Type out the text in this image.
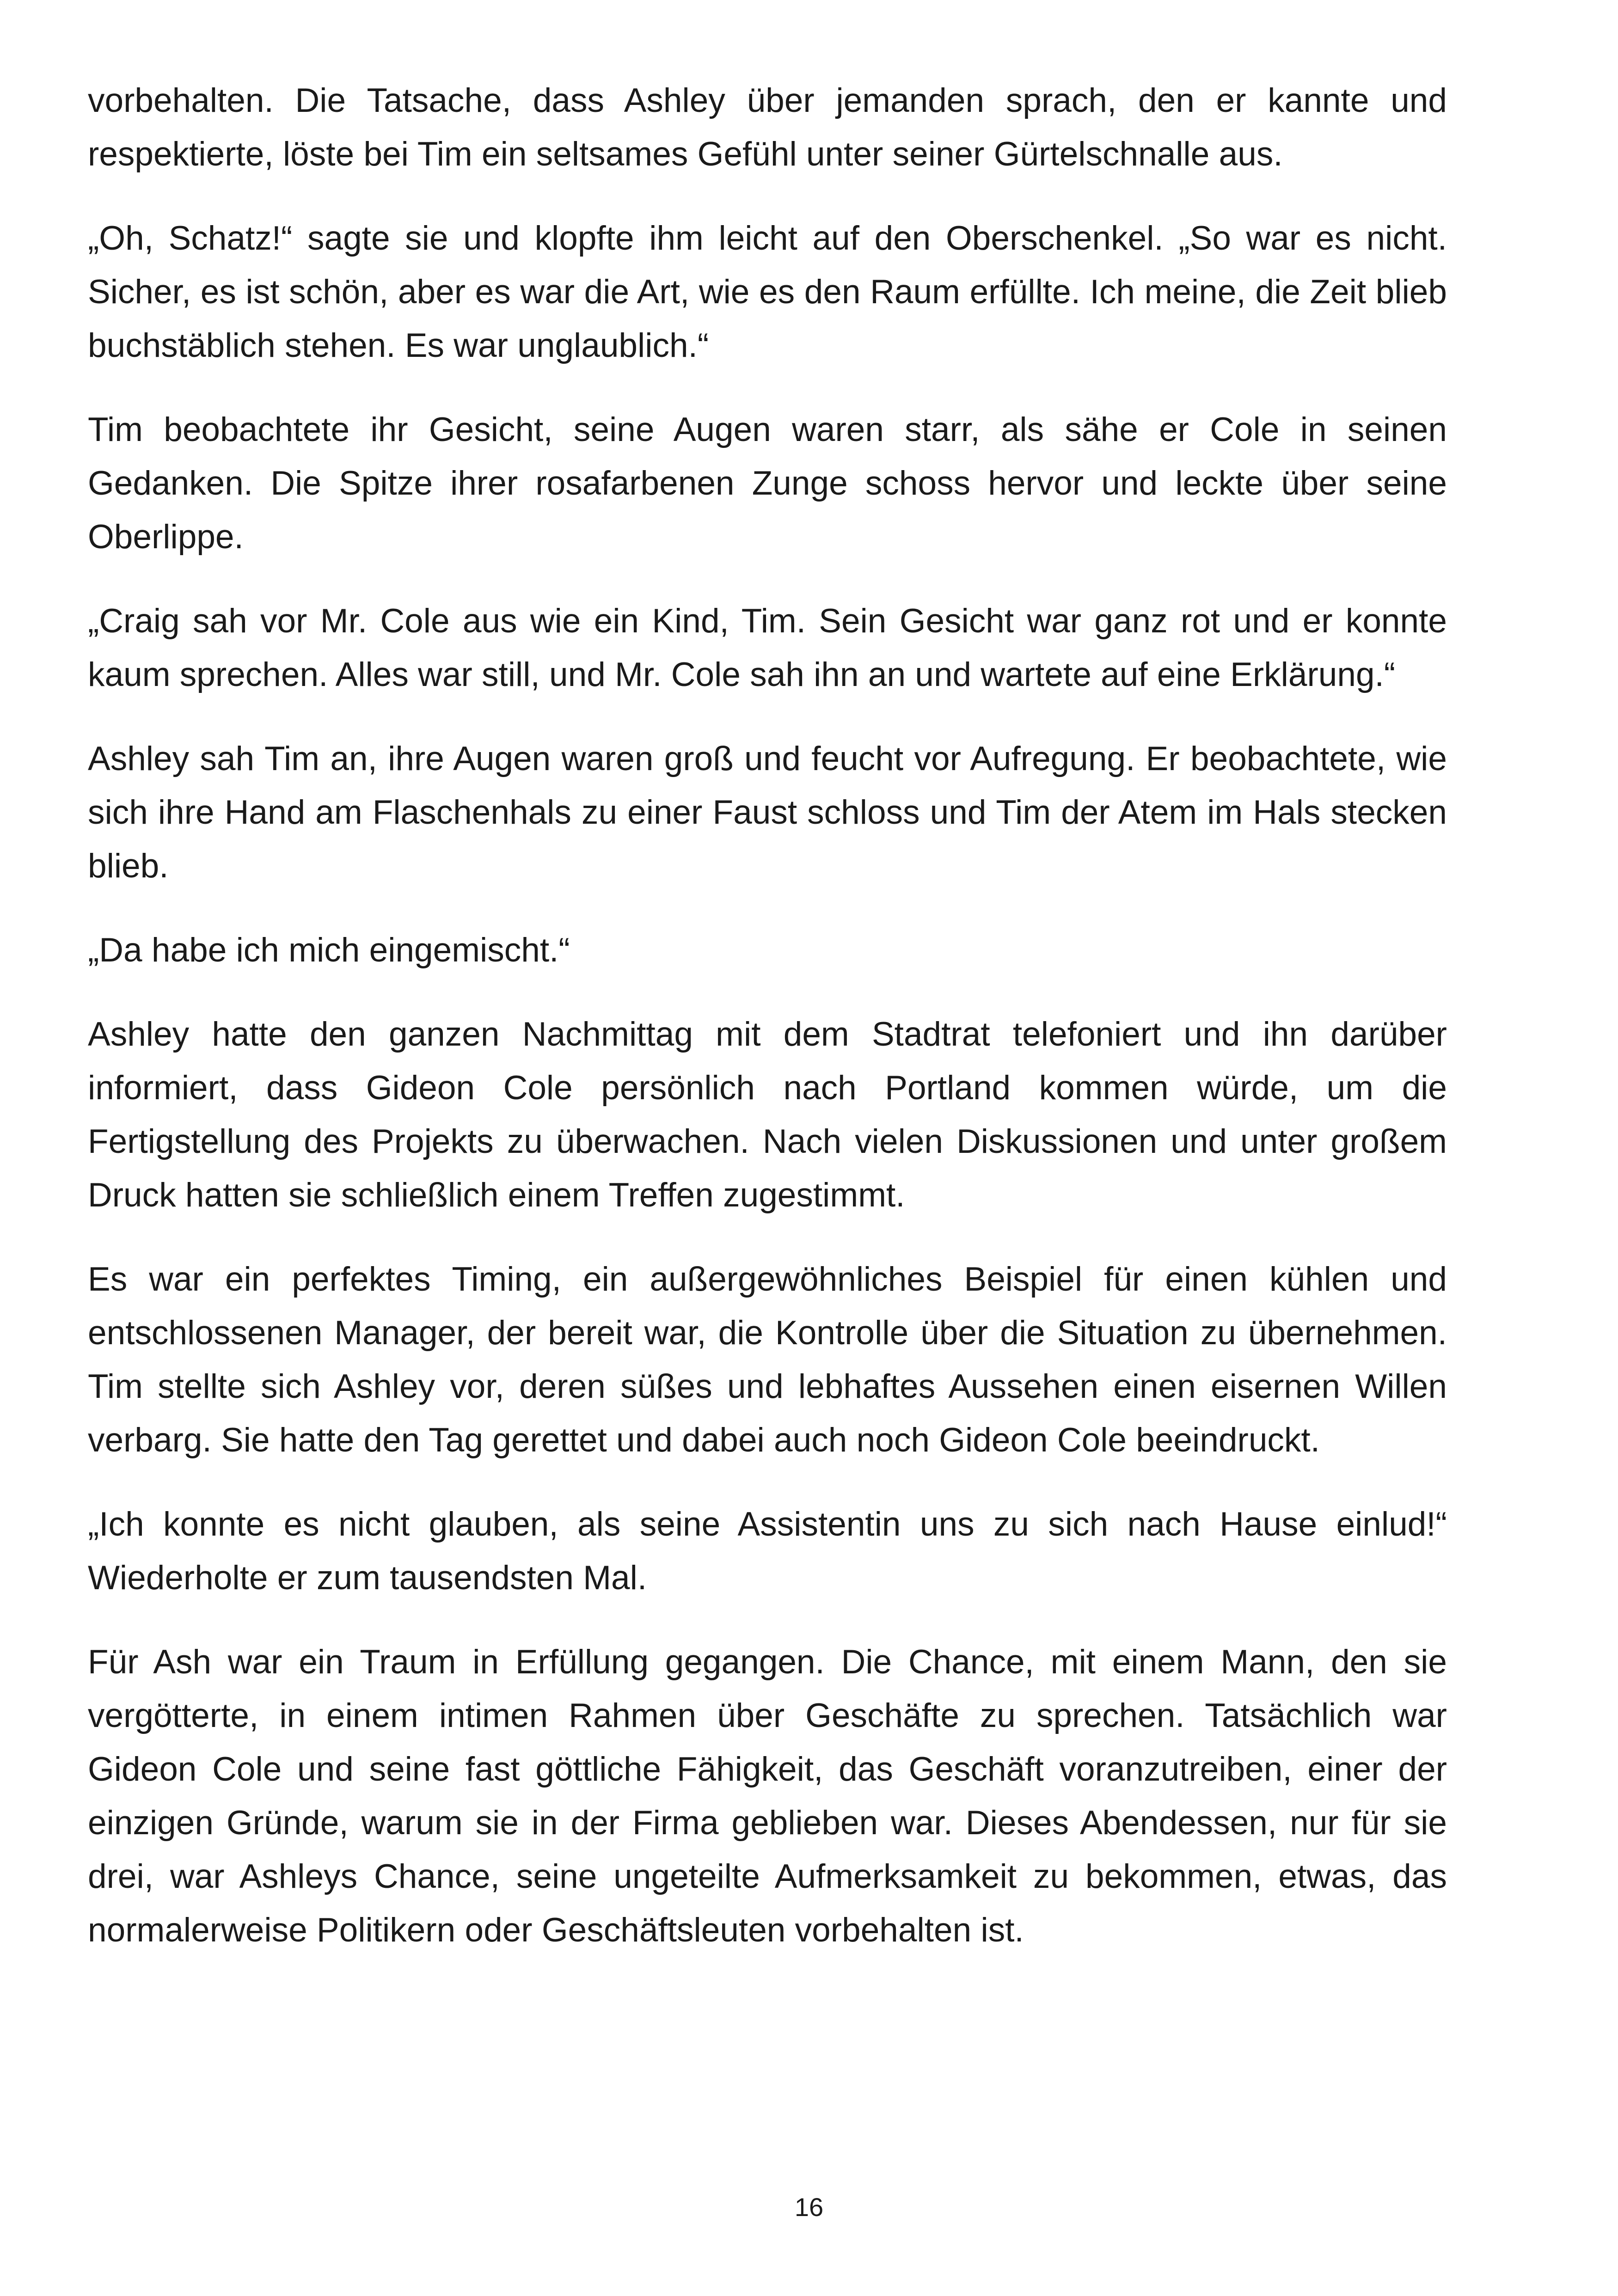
vorbehalten. Die Tatsache, dass Ashley über jemanden sprach, den er kannte und respektierte, löste bei Tim ein seltsames Gefühl unter seiner Gürtelschnalle aus.

„Oh, Schatz!“ sagte sie und klopfte ihm leicht auf den Oberschenkel. „So war es nicht. Sicher, es ist schön, aber es war die Art, wie es den Raum erfüllte. Ich meine, die Zeit blieb buchstäblich stehen. Es war unglaublich.“

Tim beobachtete ihr Gesicht, seine Augen waren starr, als sähe er Cole in seinen Gedanken. Die Spitze ihrer rosafarbenen Zunge schoss hervor und leckte über seine Oberlippe.

„Craig sah vor Mr. Cole aus wie ein Kind, Tim. Sein Gesicht war ganz rot und er konnte kaum sprechen. Alles war still, und Mr. Cole sah ihn an und wartete auf eine Erklärung.“

Ashley sah Tim an, ihre Augen waren groß und feucht vor Aufregung. Er beobachtete, wie sich ihre Hand am Flaschenhals zu einer Faust schloss und Tim der Atem im Hals stecken blieb.

„Da habe ich mich eingemischt.“

Ashley hatte den ganzen Nachmittag mit dem Stadtrat telefoniert und ihn darüber informiert, dass Gideon Cole persönlich nach Portland kommen würde, um die Fertigstellung des Projekts zu überwachen. Nach vielen Diskussionen und unter großem Druck hatten sie schließlich einem Treffen zugestimmt.

Es war ein perfektes Timing, ein außergewöhnliches Beispiel für einen kühlen und entschlossenen Manager, der bereit war, die Kontrolle über die Situation zu übernehmen. Tim stellte sich Ashley vor, deren süßes und lebhaftes Aussehen einen eisernen Willen verbarg. Sie hatte den Tag gerettet und dabei auch noch Gideon Cole beeindruckt.

„Ich konnte es nicht glauben, als seine Assistentin uns zu sich nach Hause einlud!“ Wiederholte er zum tausendsten Mal.

Für Ash war ein Traum in Erfüllung gegangen. Die Chance, mit einem Mann, den sie vergötterte, in einem intimen Rahmen über Geschäfte zu sprechen. Tatsächlich war Gideon Cole und seine fast göttliche Fähigkeit, das Geschäft voranzutreiben, einer der einzigen Gründe, warum sie in der Firma geblieben war. Dieses Abendessen, nur für sie drei, war Ashleys Chance, seine ungeteilte Aufmerksamkeit zu bekommen, etwas, das normalerweise Politikern oder Geschäftsleuten vorbehalten ist.

16
